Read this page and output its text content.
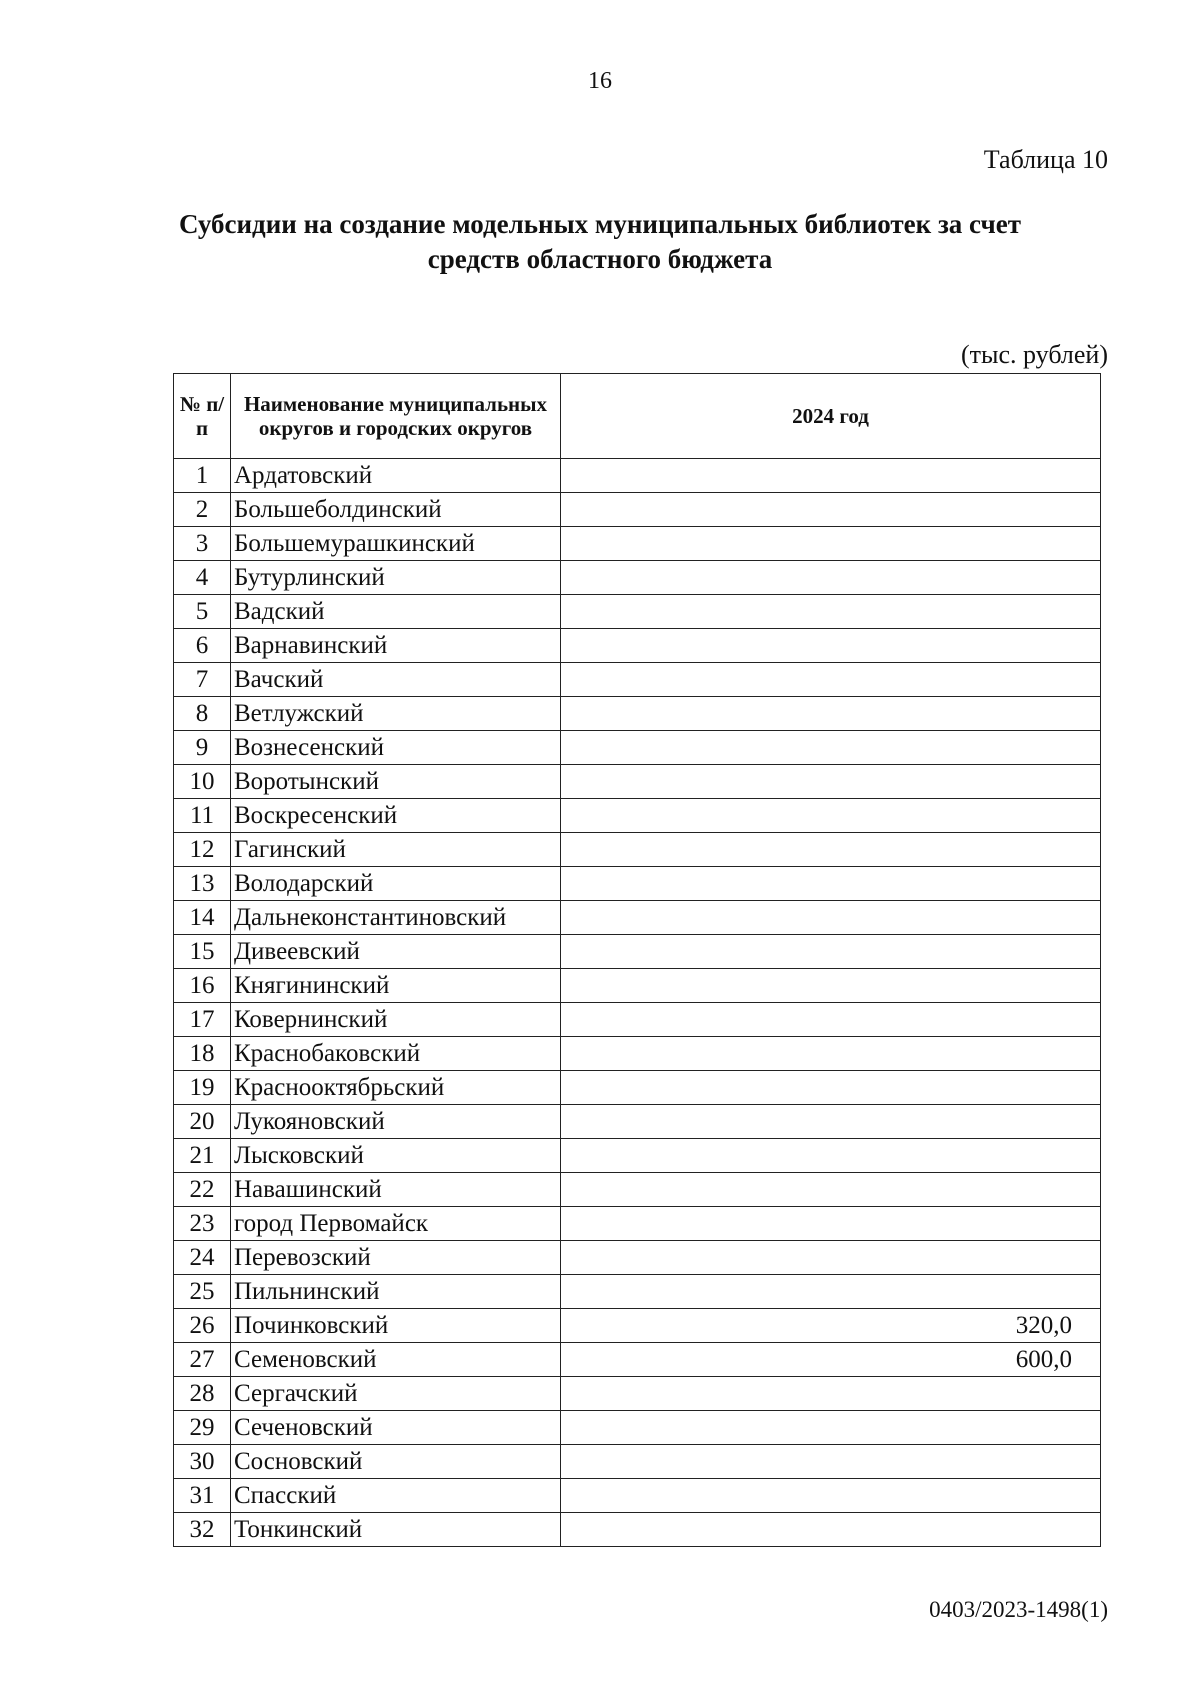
16
Таблица 10
Субсидии на создание модельных муниципальных библиотек за счет средств областного бюджета
(тыс. рублей)
№ п/п	Наименование муниципальных округов и городских округов	2024 год
1	Ардатовский	
2	Большеболдинский	
3	Большемурашкинский	
4	Бутурлинский	
5	Вадский	
6	Варнавинский	
7	Вачский	
8	Ветлужский	
9	Вознесенский	
10	Воротынский	
11	Воскресенский	
12	Гагинский	
13	Володарский	
14	Дальнеконстантиновский	
15	Дивеевский	
16	Княгининский	
17	Ковернинский	
18	Краснобаковский	
19	Краснооктябрьский	
20	Лукояновский	
21	Лысковский	
22	Навашинский	
23	город Первомайск	
24	Перевозский	
25	Пильнинский	
26	Починковский	320,0
27	Семеновский	600,0
28	Сергачский	
29	Сеченовский	
30	Сосновский	
31	Спасский	
32	Тонкинский	
0403/2023-1498(1)
